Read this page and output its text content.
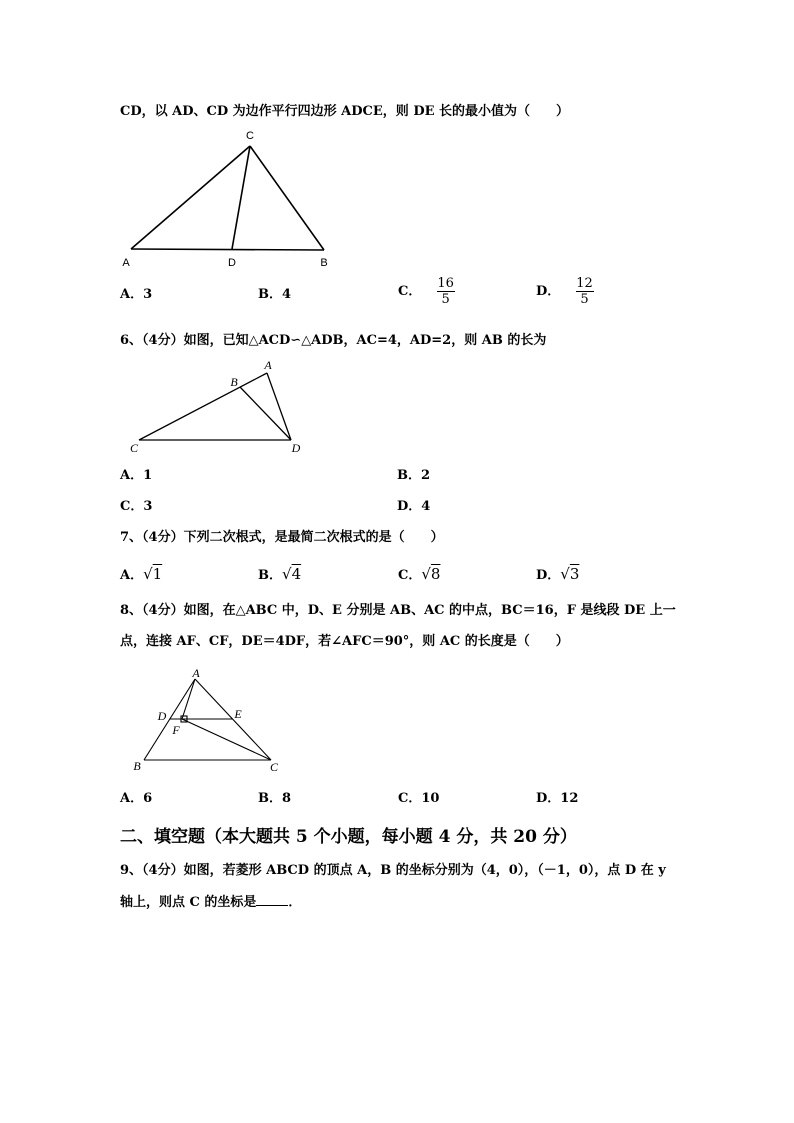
CD，以 AD、CD 为边作平行四边形 ADCE，则 DE 长的最小值为（　　）
C
A	D	B
A．3	B．4	C． $\frac{16}{5}$	D． $\frac{12}{5}$
6、（4分）如图，已知△ACD∽△ADB，AC=4，AD=2，则 AB 的长为
A
B
C	D
A．1	B．2
C．3	D．4
7、（4分）下列二次根式，是最简二次根式的是（　　）
A．√1	B．√4	C．√8	D．√3
8、（4分）如图，在△ABC 中，D、E 分别是 AB、AC 的中点，BC＝16，F 是线段 DE 上一
点，连接 AF、CF，DE＝4DF，若∠AFC＝90°，则 AC 的长度是（　　）
A
D	E
F
B	C
A．6	B．8	C．10	D．12
二、填空题（本大题共 5 个小题，每小题 4 分，共 20 分）
9、（4分）如图，若菱形 ABCD 的顶点 A，B 的坐标分别为（4，0），（－1，0），点 D 在 y
轴上，则点 C 的坐标是 ．
